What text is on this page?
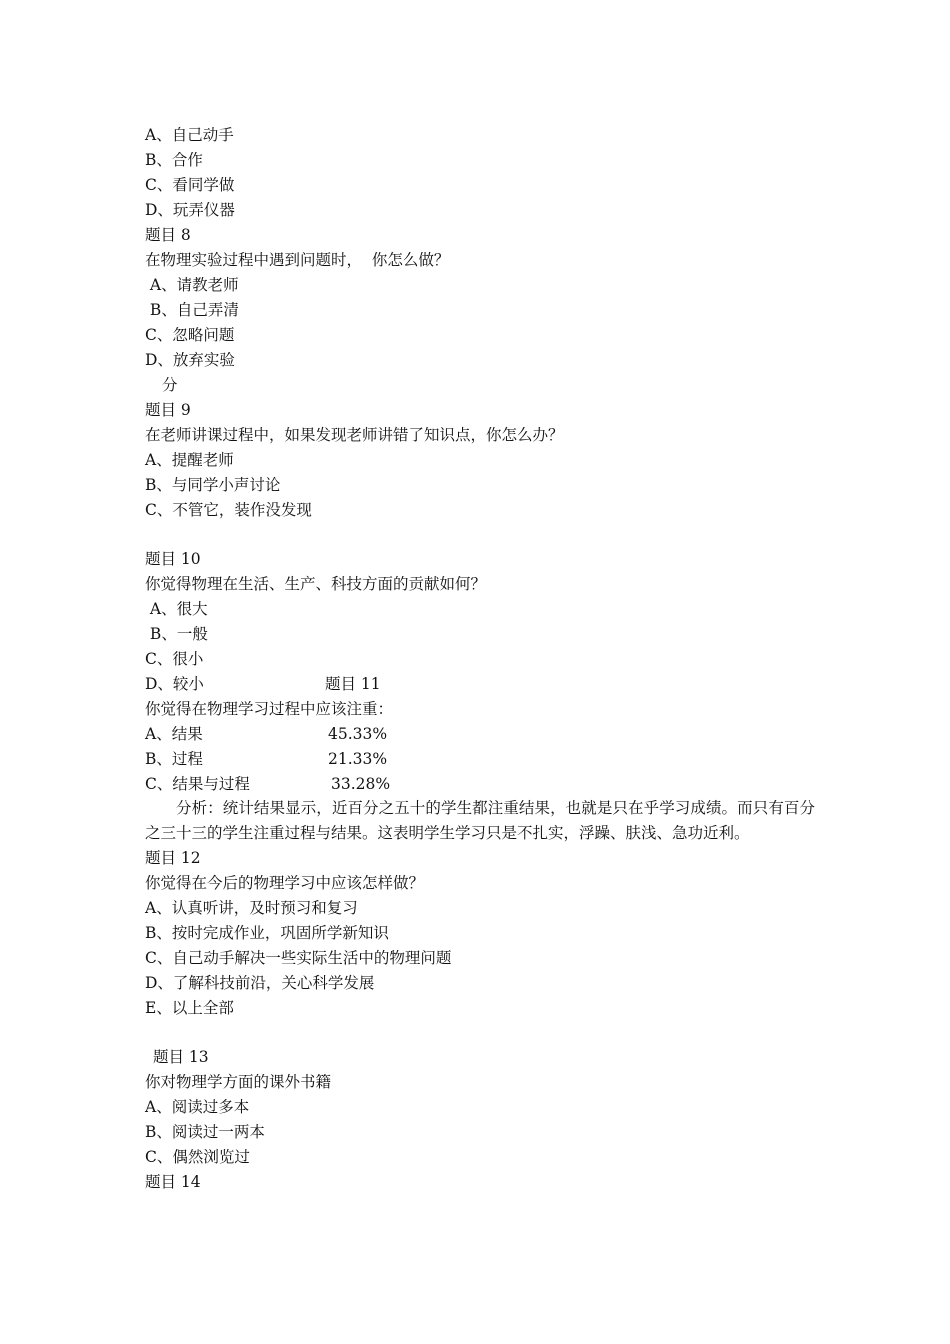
A、自己动手
B、合作
C、看同学做
D、玩弄仪器
题目 8
在物理实验过程中遇到问题时，  你怎么做？
A、请教老师
B、自己弄清
C、忽略问题
D、放弃实验
分
题目 9
在老师讲课过程中，如果发现老师讲错了知识点，你怎么办？
A、提醒老师
B、与同学小声讨论
C、不管它，装作没发现
题目 10
你觉得物理在生活、生产、科技方面的贡献如何？
A、很大
B、一般
C、很小
D、较小	题目 11
你觉得在物理学习过程中应该注重：
A、结果	45.33%
B、过程	21.33%
C、结果与过程	33.28%
分析：统计结果显示，近百分之五十的学生都注重结果，也就是只在乎学习成绩。而只有百分之三十三的学生注重过程与结果。这表明学生学习只是不扎实，浮躁、肤浅、急功近利。
题目 12
你觉得在今后的物理学习中应该怎样做？
A、认真听讲，及时预习和复习
B、按时完成作业，巩固所学新知识
C、自己动手解决一些实际生活中的物理问题
D、了解科技前沿，关心科学发展
E、以上全部
题目 13
你对物理学方面的课外书籍
A、阅读过多本
B、阅读过一两本
C、偶然浏览过
题目 14
